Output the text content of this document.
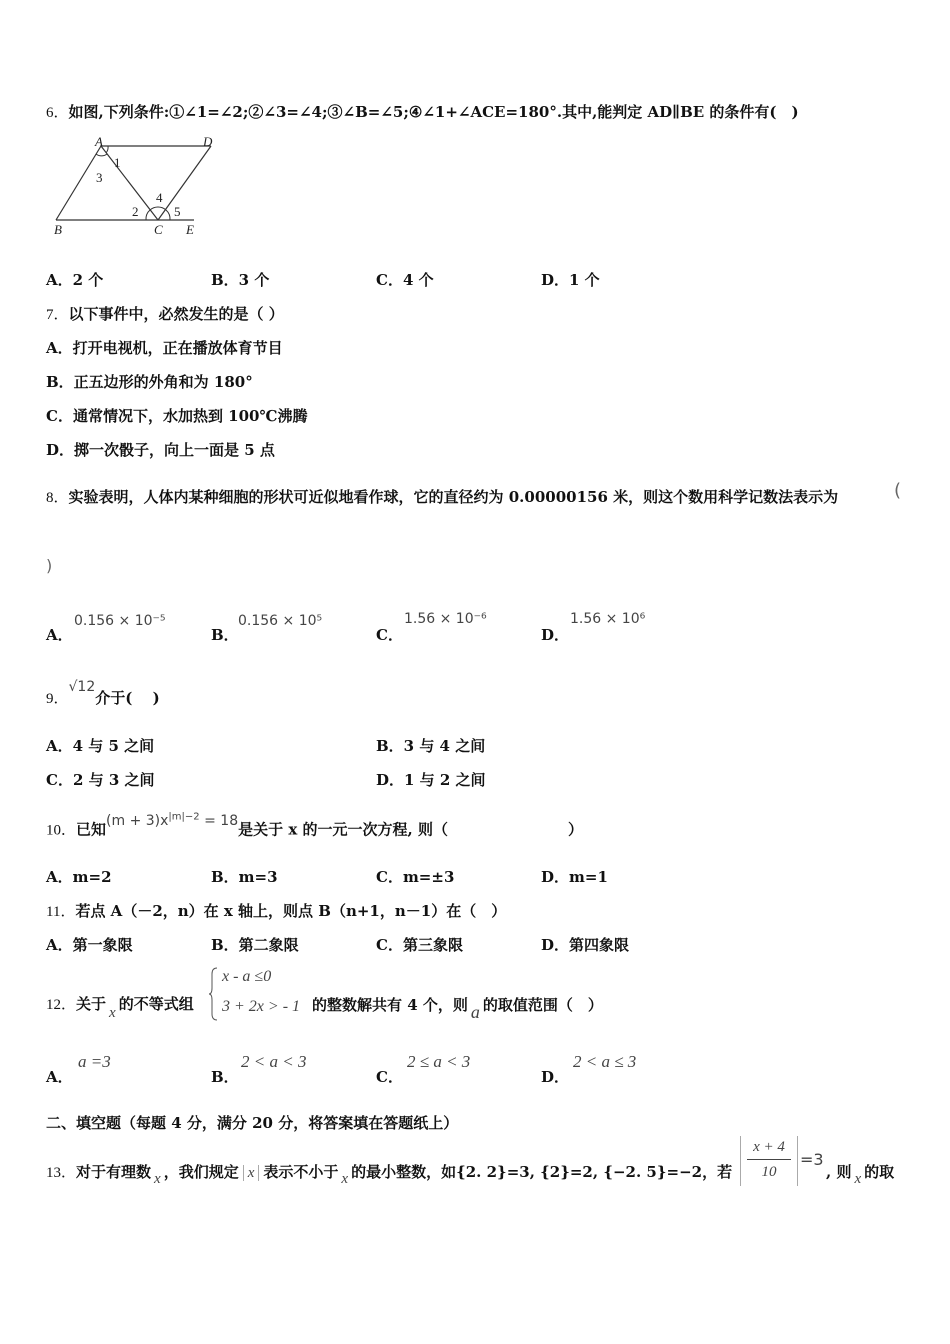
6．如图,下列条件:①∠1=∠2;②∠3=∠4;③∠B=∠5;④∠1+∠ACE=180°.其中,能判定 AD∥BE 的条件有(　)
A	D
B	C E
1
3
2
4
5
A．2 个	B．3 个	C．4 个	D．1 个
7．以下事件中，必然发生的是（ ）
A．打开电视机，正在播放体育节目
B．正五边形的外角和为 180°
C．通常情况下，水加热到 100℃沸腾
D．掷一次骰子，向上一面是 5 点
8．实验表明，人体内某种细胞的形状可近似地看作球，它的直径约为 0.00000156 米，则这个数用科学记数法表示为	(
)
A．
0.156 × 10⁻⁵
B．
0.156 × 10⁵
C．
1.56 × 10⁻⁶
D．
1.56 × 10⁶
9．√12介于(　 )
A．4 与 5 之间	B．3 与 4 之间
C．2 与 3 之间	D．1 与 2 之间
10．已知$(m + 3)x^{|m|-2} = 18$是关于 x 的一元一次方程, 则（　　　　　　　　）
A．m=2	B．m=3	C．m=±3	D．m=1
11．若点 A（－2，n）在 x 轴上，则点 B（n+1，n－1）在（　）
A．第一象限	B．第二象限	C．第三象限	D．第四象限
12．关于 x 的不等式组
x - a ≤0
3 + 2x > - 1 的整数解共有 4 个，则 a 的取值范围（　）
A．
a =3
B．
2 < a < 3
C．
2 ≤ a < 3
D．
2 < a ≤ 3
二、填空题（每题 4 分，满分 20 分，将答案填在答题纸上）
13．对于有理数 x ，我们规定 x 表示不小于 x 的最小整数，如{2. 2}=3, {2}=2, {−2. 5}=−2，若
x + 4
10
=3
, 则 x 的取
